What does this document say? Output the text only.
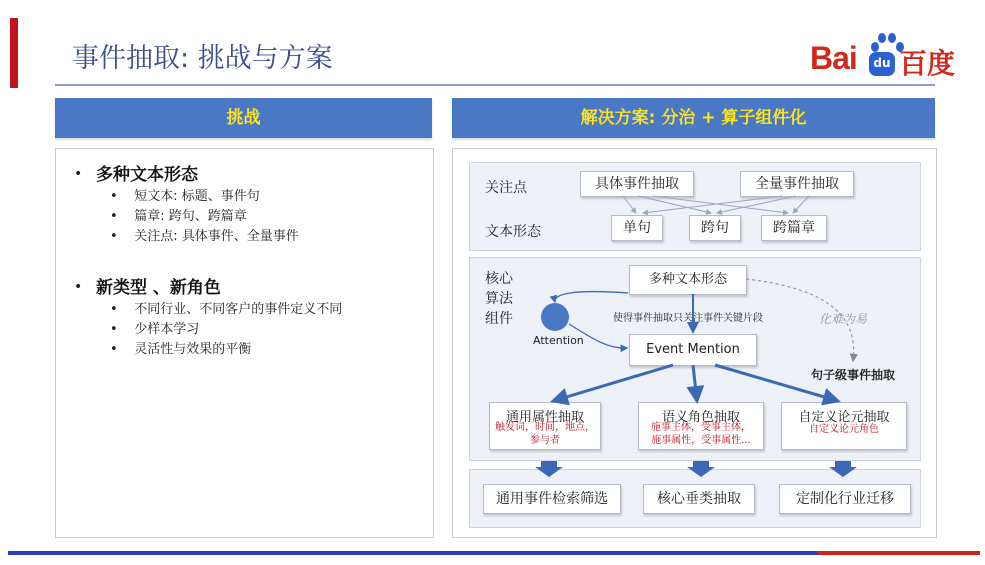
事件抽取: 挑战与方案	Bai	du 百度
挑战	解决方案: 分治 + 算子组件化
• 多种文本形态
•    短文本: 标题、事件句
•    篇章: 跨句、跨篇章
•    关注点: 具体事件、全量事件
• 新类型 、新角色
•    不同行业、不同客户的事件定义不同
•    少样本学习
•    灵活性与效果的平衡
关注点
文本形态
具体事件抽取	全量事件抽取
单句	跨句	跨篇章
核心
算法
组件
多种文本形态
使得事件抽取只关注事件关键片段	化难为易
Attention
Event Mention
句子级事件抽取
通用属性抽取
触发词，时间，地点，
参与者
语义角色抽取
施事主体，受事主体，
施事属性，受事属性...
自定义论元抽取
自定义论元角色
通用事件检索筛选	核心垂类抽取	定制化行业迁移
